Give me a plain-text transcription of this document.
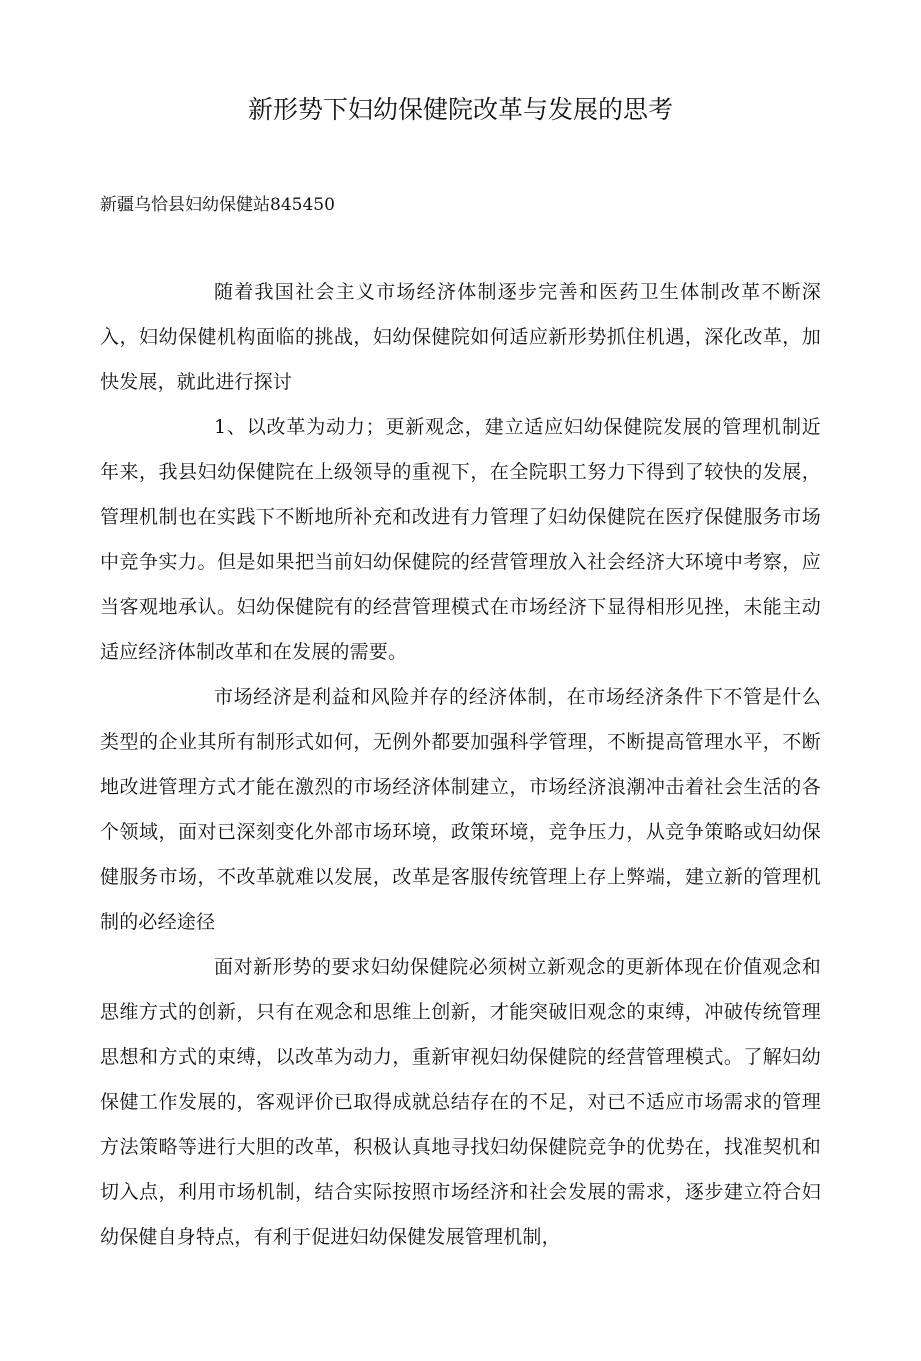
新形势下妇幼保健院改革与发展的思考

新疆乌恰县妇幼保健站845450

随着我国社会主义市场经济体制逐步完善和医药卫生体制改革不断深入，妇幼保健机构面临的挑战，妇幼保健院如何适应新形势抓住机遇，深化改革，加快发展，就此进行探讨

1、以改革为动力；更新观念，建立适应妇幼保健院发展的管理机制近年来，我县妇幼保健院在上级领导的重视下，在全院职工努力下得到了较快的发展，管理机制也在实践下不断地所补充和改进有力管理了妇幼保健院在医疗保健服务市场中竞争实力。但是如果把当前妇幼保健院的经营管理放入社会经济大环境中考察，应当客观地承认。妇幼保健院有的经营管理模式在市场经济下显得相形见挫，未能主动适应经济体制改革和在发展的需要。

市场经济是利益和风险并存的经济体制，在市场经济条件下不管是什么类型的企业其所有制形式如何，无例外都要加强科学管理，不断提高管理水平，不断地改进管理方式才能在激烈的市场经济体制建立，市场经济浪潮冲击着社会生活的各个领域，面对已深刻变化外部市场环境，政策环境，竞争压力，从竞争策略或妇幼保健服务市场，不改革就难以发展，改革是客服传统管理上存上弊端，建立新的管理机制的必经途径

面对新形势的要求妇幼保健院必须树立新观念的更新体现在价值观念和思维方式的创新，只有在观念和思维上创新，才能突破旧观念的束缚，冲破传统管理思想和方式的束缚，以改革为动力，重新审视妇幼保健院的经营管理模式。了解妇幼保健工作发展的，客观评价已取得成就总结存在的不足，对已不适应市场需求的管理方法策略等进行大胆的改革，积极认真地寻找妇幼保健院竞争的优势在，找准契机和切入点，利用市场机制，结合实际按照市场经济和社会发展的需求，逐步建立符合妇幼保健自身特点，有利于促进妇幼保健发展管理机制，
